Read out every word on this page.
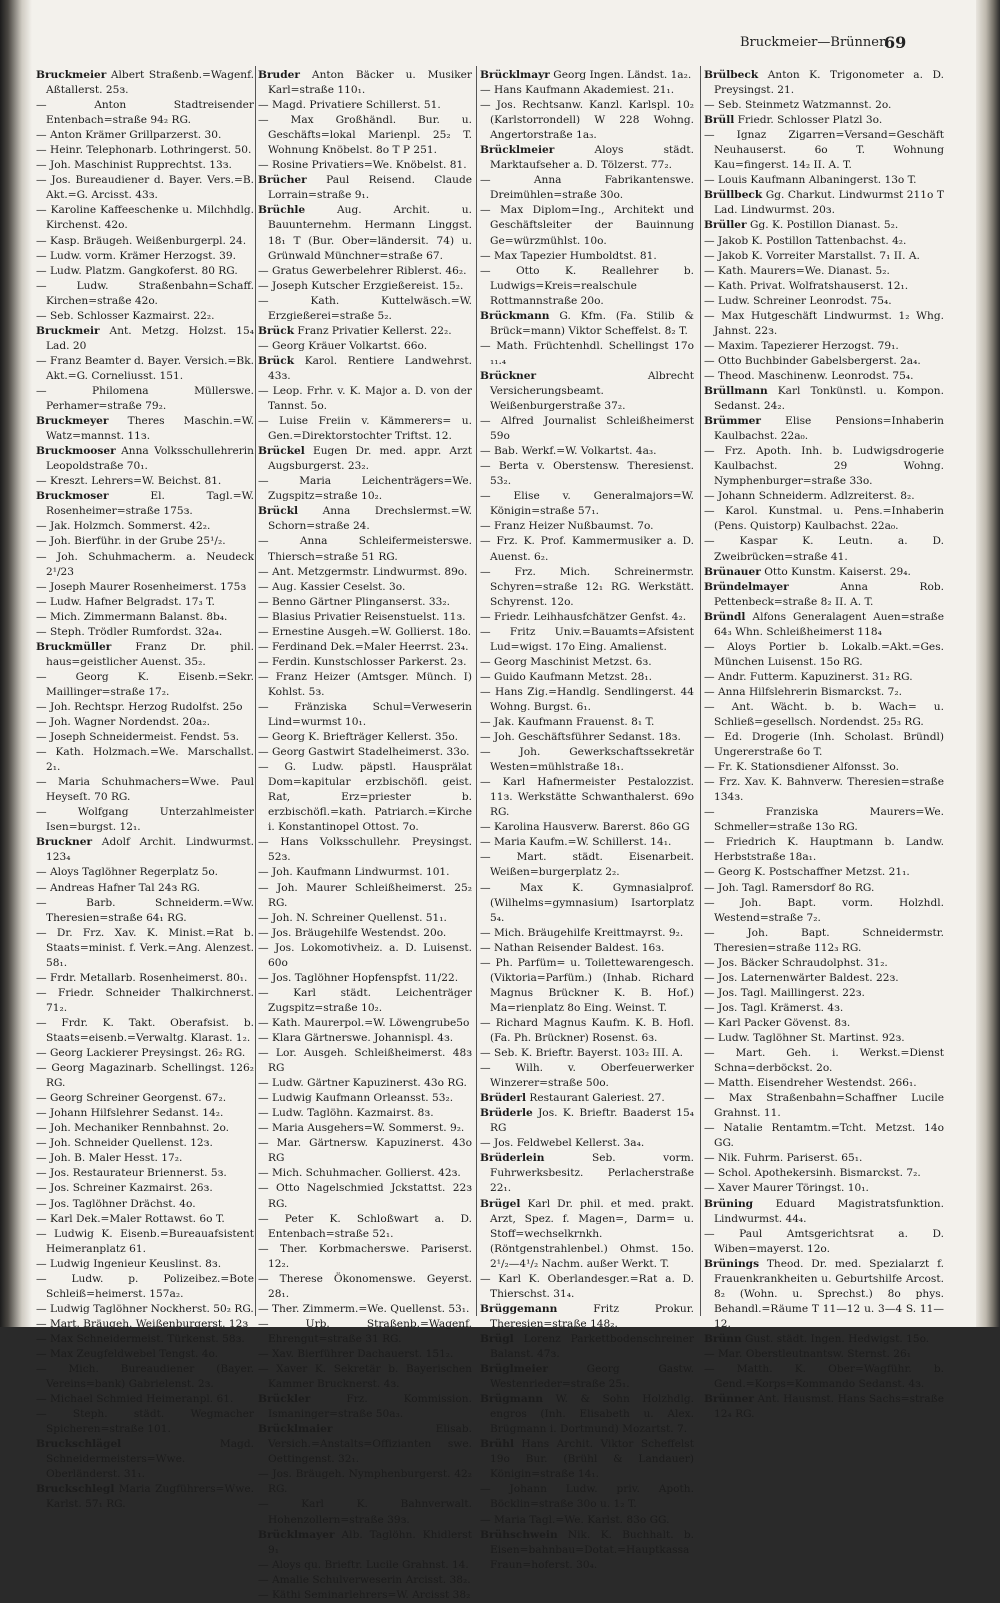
Bruckmeier—Brünner.
69

Bruckmeier Albert Straßenb.=Wagenf. Aßtallerst. 25з.

— Anton Stadtreisender Entenbach=straße 94₂ RG.

— Anton Krämer Grillparzerst. 30.

— Heinr. Telephonarb. Lothringerst. 50.

— Joh. Maschinist Rupprechtst. 13з.

— Jos. Bureaudiener d. Bayer. Vers.=B. Akt.=G. Arcisst. 43з.

— Karoline Kaffeeschenke u. Milchhdlg. Kirchenst. 42o.

— Kasp. Bräugeh. Weißenburgerpl. 24.

— Ludw. vorm. Krämer Herzogst. 39.

— Ludw. Platzm. Gangkoferst. 80 RG.

— Ludw. Straßenbahn=Schaff. Kirchen=straße 42o.

— Seb. Schlosser Kazmairst. 22₂.

Bruckmeir Ant. Metzg. Holzst. 15₄ Lad. 20

— Franz Beamter d. Bayer. Versich.=Bk. Akt.=G. Corneliusst. 151.

— Philomena Müllerswe. Perhamer=straße 79₂.

Bruckmeyer Theres Maschin.=W. Watz=mannst. 11з.

Bruckmooser Anna Volksschullehrerin Leopoldstraße 70₁.

— Kreszt. Lehrers=W. Beichst. 81.

Bruckmoser El. Tagl.=W. Rosenheimer=straße 175з.

— Jak. Holzmch. Sommerst. 42₂.

— Joh. Bierführ. in der Grube 25¹/₂.

— Joh. Schuhmacherm. a. Neudeck 2¹/23

— Joseph Maurer Rosenheimerst. 175з

— Ludw. Hafner Belgradst. 17₃ T.

— Mich. Zimmermann Balanst. 8b₄.

— Steph. Trödler Rumfordst. 32a₄.

Bruckmüller Franz Dr. phil. haus=geistlicher Auenst. 35₂.

— Georg K. Eisenb.=Sekr. Maillinger=straße 17₂.

— Joh. Rechtspr. Herzog Rudolfst. 25o

— Joh. Wagner Nordendst. 20a₂.

— Joseph Schneidermeist. Fendst. 5з.

— Kath. Holzmach.=We. Marschallst. 2₁.

— Maria Schuhmachers=Wwe. Paul Heyseſt. 70 RG.

— Wolfgang Unterzahlmeister Isen=burgst. 12₁.

Bruckner Adolf Archit. Lindwurmst. 123₄

— Aloys Taglöhner Regerplatz 5o.

— Andreas Hafner Tal 24з RG.

— Barb. Schneiderm.=Ww. Theresien=straße 64₁ RG.

— Dr. Frz. Xav. K. Minist.=Rat b. Staats=minist. f. Verk.=Ang. Alenzest. 58₁.

— Frdr. Metallarb. Rosenheimerst. 80₁.

— Friedr. Schneider Thalkirchnerst. 71₂.

— Frdr. K. Takt. Oberafsist. b. Staats=eisenb.=Verwaltg. Klarast. 1₂.

— Georg Lackierer Preysingst. 26₂ RG.

— Georg Magazinarb. Schellingst. 126₂ RG.

— Georg Schreiner Georgenst. 67₂.

— Johann Hilfslehrer Sedanst. 14₂.

— Joh. Mechaniker Rennbahnst. 2o.

— Joh. Schneider Quellenst. 12з.

— Joh. B. Maler Hesst. 17₂.

— Jos. Restaurateur Briennerst. 5з.

— Jos. Schreiner Kazmairst. 26з.

— Jos. Taglöhner Drächst. 4o.

— Karl Dek.=Maler Rottawst. 6o T.

— Ludwig K. Eisenb.=Bureauafsistent Heimeranplatz 61.

— Ludwig Ingenieur Keuslinst. 8з.

— Ludw. p. Polizeibez.=Bote Schleiß=heimerst. 157a₂.

— Ludwig Taglöhner Nockherst. 50₂ RG.

— Mart. Bräugeh. Weißenburgerst. 12з

— Max Schneidermeist. Türkenst. 58з.

— Max Zeugfeldwebel Tengst. 4o.

— Mich. Bureaudiener (Bayer. Vereins=bank) Gabrielenst. 2з.

— Michael Schmied Heimeranpl. 61.

— Steph. städt. Wegmacher Spicheren=straße 101.

Bruckschlägel Magd. Schneidermeisters=Wwe. Oberländerst. 31₁.

Bruckschlegl Maria Zugführers=Wwe. Karlst. 57₁ RG.

Bruder Anton Bäcker u. Musiker Karl=straße 110₁.

— Magd. Privatiere Schillerst. 51.

— Max Großhändl. Bur. u. Geschäfts=lokal Marienpl. 25₂ T. Wohnung Knöbelst. 8o T P 251.

— Rosine Privatiers=We. Knöbelst. 81.

Brücher Paul Reisend. Claude Lorrain=straße 9₁.

Brüchle Aug. Archit. u. Bauunternehm. Hermann Linggst. 18₁ T (Bur. Ober=ländersit. 74) u. Grünwald Münchner=straße 67.

— Gratus Gewerbelehrer Riblerst. 46₂.

— Joseph Kutscher Erzgießereist. 15₂.

— Kath. Kuttelwäsch.=W. Erzgießerei=straße 5₂.

Brück Franz Privatier Kellerst. 22₂.

— Georg Kräuer Volkartst. 66o.

Brück Karol. Rentiere Landwehrst. 43з.

— Leop. Frhr. v. K. Major a. D. von der Tannst. 5o.

— Luise Freiin v. Kämmerers= u. Gen.=Direktorstochter Triftst. 12.

Brückel Eugen Dr. med. appr. Arzt Augsburgerst. 23₂.

— Maria Leichenträgers=We. Zugspitz=straße 10₂.

Brückl Anna Drechslermst.=W. Schorn=straße 24.

— Anna Schleifermeisterswe. Thiersch=straße 51 RG.

— Ant. Metzgermstr. Lindwurmst. 89o.

— Aug. Kassier Ceselst. 3o.

— Benno Gärtner Plinganserst. 33₂.

— Blasius Privatier Reisenstuelst. 11з.

— Ernestine Ausgeh.=W. Gollierst. 18o.

— Ferdinand Dek.=Maler Heerrst. 23₄.

— Ferdin. Kunstschlosser Parkerst. 2з.

— Franz Heizer (Amtsger. Münch. I) Kohlst. 5з.

— Fränziska Schul=Verweserin Lind=wurmst 10₁.

— Georg K. Briefträger Kellerst. 35o.

— Georg Gastwirt Stadelheimerst. 33o.

— G. Ludw. päpstl. Hausprälat Dom=kapitular erzbischöfl. geist. Rat, Erz=priester b. erzbischöfl.=kath. Patriarch.=Kirche i. Konstantinopel Ottost. 7o.

— Hans Volksschullehr. Preysingst. 52з.

— Joh. Kaufmann Lindwurmst. 101.

— Joh. Maurer Schleißheimerst. 25₂ RG.

— Joh. N. Schreiner Quellenst. 51₁.

— Jos. Bräugehilfe Westendst. 20o.

— Jos. Lokomotivheiz. a. D. Luisenst. 60o

— Jos. Taglöhner Hopfenspfst. 11/22.

— Karl städt. Leichenträger Zugspitz=straße 10₂.

— Kath. Maurerpol.=W. Löwengrube5o

— Klara Gärtnerswe. Johannispl. 4з.

— Lor. Ausgeh. Schleißheimerst. 48з RG

— Ludw. Gärtner Kapuzinerst. 43o RG.

— Ludwig Kaufmann Orleansst. 53₂.

— Ludw. Taglöhn. Kazmairst. 8з.

— Maria Ausgehers=W. Sommerst. 9₂.

— Mar. Gärtnersw. Kapuzinerst. 43o RG

— Mich. Schuhmacher. Gollierst. 42з.

— Otto Nagelschmied Jckstattst. 22з RG.

— Peter K. Schloßwart a. D. Entenbach=straße 52₁.

— Ther. Korbmacherswe. Pariserst. 12₂.

— Therese Ökonomenswe. Geyerst. 28₁.

— Ther. Zimmerm.=We. Quellenst. 53₁.

— Urb. Straßenb.=Wagenf. Ehrengut=straße 31 RG.

— Xav. Bierführer Dachauerst. 151₂.

— Xaver K. Sekretär b. Bayerischen Kammer Brucknerst. 4з.

Brückler Frz. Kommission. Ismaninger=straße 50a₃.

Brücklmaier Elisab. Versich.=Anstalts=Offizianten swe. Oettingenst. 32₁.

— Jos. Bräugeh. Nymphenburgerst. 42₂ RG.

— Karl K. Bahnverwalt. Hohenzollern=straße 39з.

Brücklmayer Alb. Taglöhn. Khidlerst 9₁

— Aloys qu. Brieftr. Lucile Grahnst. 14.

— Amalie Schulverweserin Arcisst. 38₂.

— Käthi Seminarlehrers=W. Arcisst 38₂

Brücklmayr Georg Ingen. Ländst. 1a₂.

— Hans Kaufmann Akademiest. 21₁.

— Jos. Rechtsanw. Kanzl. Karlspl. 10₂ (Karlstorrondell) W 228 Wohng. Angertorstraße 1a₃.

Brücklmeier Aloys städt. Marktaufseher a. D. Tölzerst. 77₂.

— Anna Fabrikantenswe. Dreimühlen=straße 30o.

— Max Diplom=Ing., Architekt und Geschäftsleiter der Bauinnung Ge=würzmühlst. 10o.

— Max Tapezier Humboldtst. 81.

— Otto K. Reallehrer b. Ludwigs=Kreis=realschule Rottmannstraße 20o.

Brückmann G. Kfm. (Fa. Stilib & Brück=mann) Viktor Scheffelst. 8₂ T.

— Math. Früchtenhdl. Schellingst 17o ₁₁.₄

Brückner Albrecht Versicherungsbeamt. Weißenburgerstraße 37₂.

— Alfred Journalist Schleißheimerst 59o

— Bab. Werkf.=W. Volkartst. 4a₃.

— Berta v. Oberstensw. Theresienst. 53₂.

— Elise v. Generalmajors=W. Königin=straße 57₁.

— Franz Heizer Nußbaumst. 7o.

— Frz. K. Prof. Kammermusiker a. D. Auenst. 6₂.

— Frz. Mich. Schreinermstr. Schyren=straße 12₁ RG. Werkstätt. Schyrenst. 12o.

— Friedr. Leihhausfchätzer Genfst. 4₂.

— Fritz Univ.=Bauamts=Afsistent Lud=wigst. 17o Eing. Amalienst.

— Georg Maschinist Metzst. 6з.

— Guido Kaufmann Metzst. 28₁.

— Hans Zig.=Handlg. Sendlingerst. 44 Wohng. Burgst. 6₁.

— Jak. Kaufmann Frauenst. 8₁ T.

— Joh. Geschäftsführer Sedanst. 18з.

— Joh. Gewerkschaftssekretär Westen=mühlstraße 18₁.

— Karl Hafnermeister Pestalozzist. 11з. Werkstätte Schwanthalerst. 69o RG.

— Karolina Hausverw. Barerst. 86o GG

— Maria Kaufm.=W. Schillerst. 14₁.

— Mart. städt. Eisenarbeit. Weißen=burgerplatz 2₂.

— Max K. Gymnasialprof. (Wilhelms=gymnasium) Isartorplatz 5₄.

— Mich. Bräugehilfe Kreittmayrst. 9₂.

— Nathan Reisender Baldest. 16з.

— Ph. Parfüm= u. Toilettewarengesch. (Viktoria=Parfüm.) (Inhab. Richard Magnus Brückner K. B. Hof.) Ma=rienplatz 8o Eing. Weinst. T.

— Richard Magnus Kaufm. K. B. Hofl. (Fa. Ph. Brückner) Rosenst. 6з.

— Seb. K. Brieftr. Bayerst. 103₂ III. A.

— Wilh. v. Oberfeuerwerker Winzerer=straße 50o.

Brüderl Restaurant Galeriest. 27.

Brüderle Jos. K. Brieftr. Baaderst 15₄ RG

— Jos. Feldwebel Kellerst. 3a₄.

Brüderlein Seb. vorm. Fuhrwerksbesitz. Perlacherstraße 22₁.

Brügel Karl Dr. phil. et med. prakt. Arzt, Spez. f. Magen=, Darm= u. Stoff=wechselkrnkh. (Röntgenstrahlenbel.) Ohmst. 15o. 2¹/₂—4¹/₂ Nachm. außer Werkt. T.

— Karl K. Oberlandesger.=Rat a. D. Thierschst. 31₄.

Brüggemann Fritz Prokur. Theresien=straße 148₂.

Brügl Lorenz Parkettbodenschreiner Balanst. 47з.

Brüglmeier Georg Gastw. Westenrieder=straße 25₁.

Brügmann W. & Sohn Holzhdlg. engros (Inh. Elisabeth u. Alex. Brügmann i. Dortmund) Mozartst. 7.

Brühl Hans Archit. Viktor Scheffelst 19o Bur. (Brühl & Landauer) Königin=straße 14₁.

— Johann Ludw. priv. Apoth. Böcklin=straße 30o u. 1₂ T.

— Maria Tagl.=We. Karlst. 83o GG.

Brühschwein Nik. K. Buchhalt. b. Eisen=bahnbau=Dotat.=Hauptkassa Fraun=hoferst. 30₄.

Brülbeck Anton K. Trigonometer a. D. Preysingst. 21.

— Seb. Steinmetz Watzmannst. 2o.

Brüll Friedr. Schlosser Platzl 3o.

— Ignaz Zigarren=Versand=Geschäft Neuhauserst. 6o T. Wohnung Kau=fingerst. 14₂ II. A. T.

— Louis Kaufmann Albaningerst. 13o T.

Brüllbeck Gg. Charkut. Lindwurmst 211o T Lad. Lindwurmst. 20з.

Brüller Gg. K. Postillon Dianast. 5₂.

— Jakob K. Postillon Tattenbachst. 4₂.

— Jakob K. Vorreiter Marstallst. 7₁ II. A.

— Kath. Maurers=We. Dianast. 5₂.

— Kath. Privat. Wolfratshauserst. 12₁.

— Ludw. Schreiner Leonrodst. 75₄.

— Max Hutgeschäft Lindwurmst. 1₂ Whg. Jahnst. 22з.

— Maxim. Tapezierer Herzogst. 79₁.

— Otto Buchbinder Gabelsbergerst. 2a₄.

— Theod. Maschinenw. Leonrodst. 75₄.

Brüllmann Karl Tonkünstl. u. Kompon. Sedanst. 24₂.

Brümmer Elise Pensions=Inhaberin Kaulbachst. 22a₀.

— Frz. Apoth. Inh. b. Ludwigsdrogerie Kaulbachst. 29 Wohng. Nymphenburger=straße 33o.

— Johann Schneiderm. Adlzreiterst. 8₂.

— Karol. Kunstmal. u. Pens.=Inhaberin (Pens. Quistorp) Kaulbachst. 22a₀.

— Kaspar K. Leutn. a. D. Zweibrücken=straße 41.

Brünauer Otto Kunstm. Kaiserst. 29₄.

Bründelmayer Anna Rob. Pettenbeck=straße 8₂ II. A. T.

Bründl Alfons Generalagent Auen=straße 64₃ Whn. Schleißheimerst 118₄

— Aloys Portier b. Lokalb.=Akt.=Ges. München Luisenst. 15o RG.

— Andr. Futterm. Kapuzinerst. 31₂ RG.

— Anna Hilfslehrerin Bismarckst. 7₂.

— Ant. Wächt. b. b. Wach= u. Schließ=gesellsch. Nordendst. 25₃ RG.

— Ed. Drogerie (Inh. Scholast. Bründl) Ungererstraße 6o T.

— Fr. K. Stationsdiener Alfonsst. 3o.

— Frz. Xav. K. Bahnverw. Theresien=straße 134з.

— Franziska Maurers=We. Schmeller=straße 13o RG.

— Friedrich K. Hauptmann b. Landw. Herbststraße 18a₁.

— Georg K. Postschaffner Metzst. 21₁.

— Joh. Tagl. Ramersdorf 8o RG.

— Joh. Bapt. vorm. Holzhdl. Westend=straße 7₂.

— Joh. Bapt. Schneidermstr. Theresien=straße 112₃ RG.

— Jos. Bäcker Schraudolphst. 31₂.

— Jos. Laternenwärter Baldest. 22з.

— Jos. Tagl. Maillingerst. 22з.

— Jos. Tagl. Krämerst. 4з.

— Karl Packer Gövenst. 8з.

— Ludw. Taglöhner St. Martinst. 92з.

— Mart. Geh. i. Werkst.=Dienst Schna=derböckst. 2o.

— Matth. Eisendreher Westendst. 266₁.

— Max Straßenbahn=Schaffner Lucile Grahnst. 11.

— Natalie Rentamtm.=Tcht. Metzst. 14o GG.

— Nik. Fuhrm. Pariserst. 65₁.

— Schol. Apothekersinh. Bismarckst. 7₂.

— Xaver Maurer Töringst. 10₁.

Brüning Eduard Magistratsfunktion. Lindwurmst. 44₄.

— Paul Amtsgerichtsrat a. D. Wiben=mayerst. 12o.

Brünings Theod. Dr. med. Spezialarzt f. Frauenkrankheiten u. Geburtshilfe Arcost. 8₂ (Wohn. u. Sprechst.) 8o phys. Behandl.=Räume T 11—12 u. 3—4 S. 11—12.

Brünn Gust. städt. Ingen. Hedwigst. 15o.

— Mar. Oberstleutnantsw. Sternst. 26₁

— Matth. K. Ober=Wagführ. b. Gend.=Korps=Kommando Sedanst. 4з.

Brünner Ant. Hausmst. Hans Sachs=straße 12₄ RG.
